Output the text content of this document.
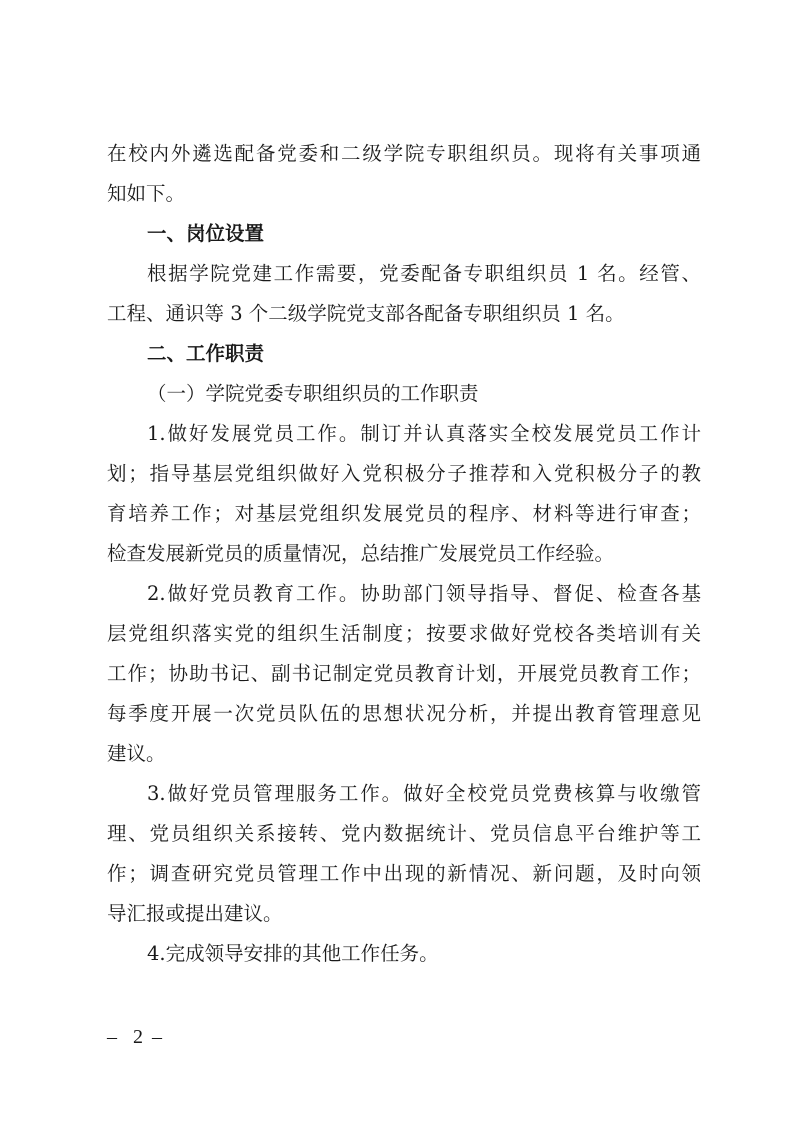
在校内外遴选配备党委和二级学院专职组织员。现将有关事项通
知如下。
一、岗位设置
根据学院党建工作需要，党委配备专职组织员 1 名。经管、
工程、通识等 3 个二级学院党支部各配备专职组织员 1 名。
二、工作职责
（一）学院党委专职组织员的工作职责
1.做好发展党员工作。制订并认真落实全校发展党员工作计
划；指导基层党组织做好入党积极分子推荐和入党积极分子的教
育培养工作；对基层党组织发展党员的程序、材料等进行审查；
检查发展新党员的质量情况，总结推广发展党员工作经验。
2.做好党员教育工作。协助部门领导指导、督促、检查各基
层党组织落实党的组织生活制度；按要求做好党校各类培训有关
工作；协助书记、副书记制定党员教育计划，开展党员教育工作；
每季度开展一次党员队伍的思想状况分析，并提出教育管理意见
建议。
3.做好党员管理服务工作。做好全校党员党费核算与收缴管
理、党员组织关系接转、党内数据统计、党员信息平台维护等工
作；调查研究党员管理工作中出现的新情况、新问题，及时向领
导汇报或提出建议。
4.完成领导安排的其他工作任务。
– 2 –
